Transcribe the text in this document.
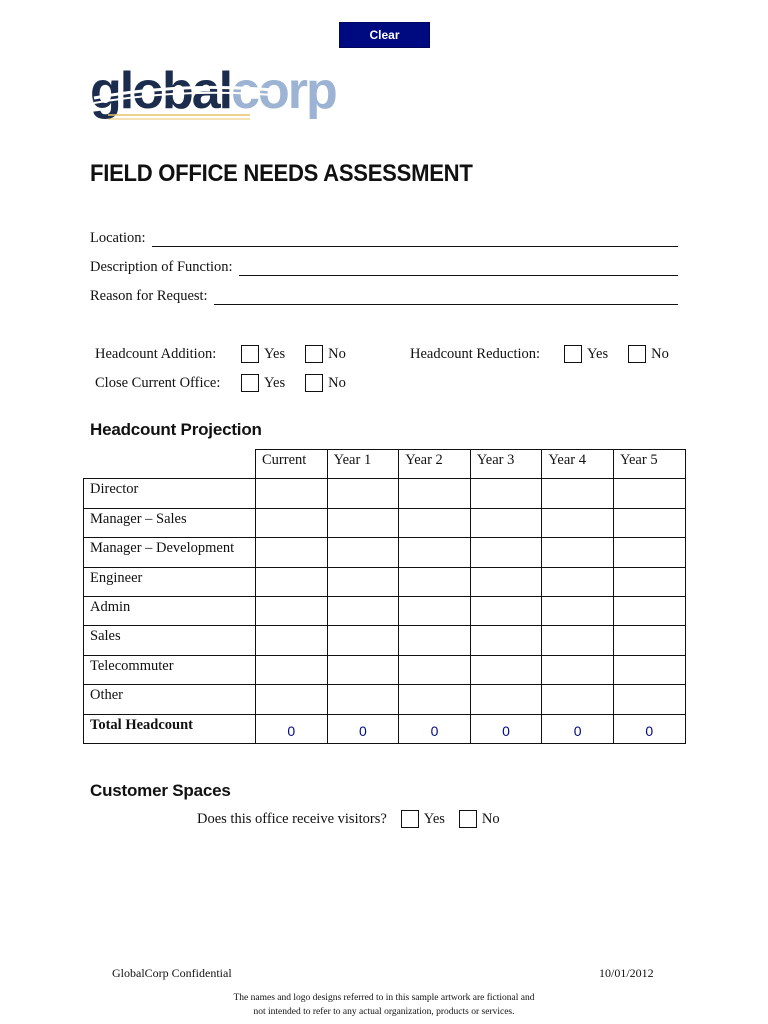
Clear
globalcorp
FIELD OFFICE NEEDS ASSESSMENT
Location:
Description of Function:
Reason for Request:
Headcount Addition:	Yes	No	Headcount Reduction:	Yes	No
Close Current Office:	Yes	No
Headcount Projection
	Current	Year 1	Year 2	Year 3	Year 4	Year 5
Director						
Manager – Sales						
Manager – Development						
Engineer						
Admin						
Sales						
Telecommuter						
Other						
Total Headcount	0	0	0	0	0	0
Customer Spaces
Does this office receive visitors?	Yes	No
GlobalCorp Confidential	10/01/2012
The names and logo designs referred to in this sample artwork are fictional and
not intended to refer to any actual organization, products or services.
